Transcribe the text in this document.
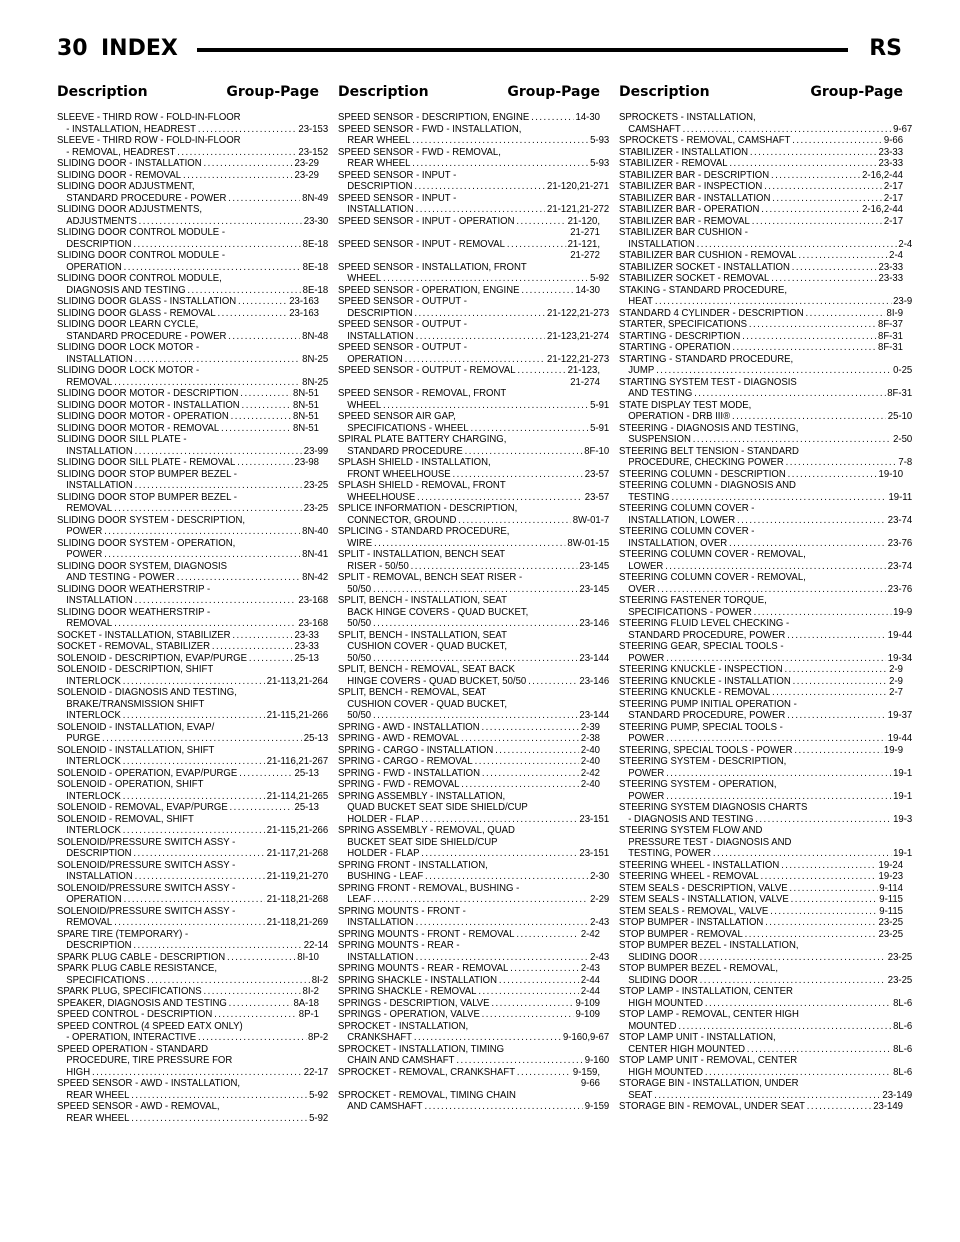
30 INDEX	RS
Description	Group-Page Description	Group-Page Description	Group-Page
SLEEVE - THIRD ROW - FOLD-IN-FLOOR
- INSTALLATION, HEADREST .....	23-153
SLEEVE - THIRD ROW - FOLD-IN-FLOOR
- REMOVAL, HEADREST .....	23-152
SLIDING DOOR - INSTALLATION .....	23-29
SLIDING DOOR - REMOVAL .....	23-29
SLIDING DOOR ADJUSTMENT,
STANDARD PROCEDURE - POWER .....	8N-49
SLIDING DOOR ADJUSTMENTS,
ADJUSTMENTS .....	23-30
SLIDING DOOR CONTROL MODULE -
DESCRIPTION .....	8E-18
SLIDING DOOR CONTROL MODULE -
OPERATION .....	8E-18
SLIDING DOOR CONTROL MODULE,
DIAGNOSIS AND TESTING .....	8E-18
SLIDING DOOR GLASS - INSTALLATION .....	23-163
SLIDING DOOR GLASS - REMOVAL .....	23-163
SLIDING DOOR LEARN CYCLE,
STANDARD PROCEDURE - POWER .....	8N-48
SLIDING DOOR LOCK MOTOR -
INSTALLATION .....	8N-25
SLIDING DOOR LOCK MOTOR -
REMOVAL .....	8N-25
SLIDING DOOR MOTOR - DESCRIPTION .....	8N-51
SLIDING DOOR MOTOR - INSTALLATION .....	8N-51
SLIDING DOOR MOTOR - OPERATION .....	8N-51
SLIDING DOOR MOTOR - REMOVAL .....	8N-51
SLIDING DOOR SILL PLATE -
INSTALLATION .....	23-99
SLIDING DOOR SILL PLATE - REMOVAL .....	23-98
SLIDING DOOR STOP BUMPER BEZEL -
INSTALLATION .....	23-25
SLIDING DOOR STOP BUMPER BEZEL -
REMOVAL .....	23-25
SLIDING DOOR SYSTEM - DESCRIPTION,
POWER .....	8N-40
SLIDING DOOR SYSTEM - OPERATION,
POWER .....	8N-41
SLIDING DOOR SYSTEM, DIAGNOSIS
AND TESTING - POWER .....	8N-42
SLIDING DOOR WEATHERSTRIP -
INSTALLATION .....	23-168
SLIDING DOOR WEATHERSTRIP -
REMOVAL .....	23-168
SOCKET - INSTALLATION, STABILIZER .....	23-33
SOCKET - REMOVAL, STABILIZER .....	23-33
SOLENOID - DESCRIPTION, EVAP/PURGE .....	25-13
SOLENOID - DESCRIPTION, SHIFT
INTERLOCK .....	21-113,21-264
SOLENOID - DIAGNOSIS AND TESTING,
BRAKE/TRANSMISSION SHIFT
INTERLOCK .....	21-115,21-266
SOLENOID - INSTALLATION, EVAP/
PURGE .....	25-13
SOLENOID - INSTALLATION, SHIFT
INTERLOCK .....	21-116,21-267
SOLENOID - OPERATION, EVAP/PURGE .....	25-13
SOLENOID - OPERATION, SHIFT
INTERLOCK .....	21-114,21-265
SOLENOID - REMOVAL, EVAP/PURGE .....	25-13
SOLENOID - REMOVAL, SHIFT
INTERLOCK .....	21-115,21-266
SOLENOID/PRESSURE SWITCH ASSY -
DESCRIPTION .....	21-117,21-268
SOLENOID/PRESSURE SWITCH ASSY -
INSTALLATION .....	21-119,21-270
SOLENOID/PRESSURE SWITCH ASSY -
OPERATION .....	21-118,21-268
SOLENOID/PRESSURE SWITCH ASSY -
REMOVAL .....	21-118,21-269
SPARE TIRE (TEMPORARY) -
DESCRIPTION .....	22-14
SPARK PLUG CABLE - DESCRIPTION .....	8I-10
SPARK PLUG CABLE RESISTANCE,
SPECIFICATIONS .....	8I-2
SPARK PLUG, SPECIFICATIONS .....	8I-2
SPEAKER, DIAGNOSIS AND TESTING .....	8A-18
SPEED CONTROL - DESCRIPTION .....	8P-1
SPEED CONTROL (4 SPEED EATX ONLY)
- OPERATION, INTERACTIVE .....	8P-2
SPEED OPERATION - STANDARD
PROCEDURE, TIRE PRESSURE FOR
HIGH .....	22-17
SPEED SENSOR - AWD - INSTALLATION,
REAR WHEEL .....	5-92
SPEED SENSOR - AWD - REMOVAL,
REAR WHEEL .....	5-92
SPEED SENSOR - DESCRIPTION, ENGINE .....	14-30
SPEED SENSOR - FWD - INSTALLATION,
REAR WHEEL .....	5-93
SPEED SENSOR - FWD - REMOVAL,
REAR WHEEL .....	5-93
SPEED SENSOR - INPUT -
DESCRIPTION .....	21-120,21-271
SPEED SENSOR - INPUT -
INSTALLATION .....	21-121,21-272
SPEED SENSOR - INPUT - OPERATION .....	21-120,
21-271
SPEED SENSOR - INPUT - REMOVAL .....	21-121,
21-272
SPEED SENSOR - INSTALLATION, FRONT
WHEEL .....	5-92
SPEED SENSOR - OPERATION, ENGINE .....	14-30
SPEED SENSOR - OUTPUT -
DESCRIPTION .....	21-122,21-273
SPEED SENSOR - OUTPUT -
INSTALLATION .....	21-123,21-274
SPEED SENSOR - OUTPUT -
OPERATION .....	21-122,21-273
SPEED SENSOR - OUTPUT - REMOVAL .....	21-123,
21-274
SPEED SENSOR - REMOVAL, FRONT
WHEEL .....	5-91
SPEED SENSOR AIR GAP,
SPECIFICATIONS - WHEEL .....	5-91
SPIRAL PLATE BATTERY CHARGING,
STANDARD PROCEDURE .....	8F-10
SPLASH SHIELD - INSTALLATION,
FRONT WHEELHOUSE .....	23-57
SPLASH SHIELD - REMOVAL, FRONT
WHEELHOUSE .....	23-57
SPLICE INFORMATION - DESCRIPTION,
CONNECTOR, GROUND .....	8W-01-7
SPLICING - STANDARD PROCEDURE,
WIRE .....	8W-01-15
SPLIT - INSTALLATION, BENCH SEAT
RISER - 50/50 .....	23-145
SPLIT - REMOVAL, BENCH SEAT RISER -
50/50 .....	23-145
SPLIT, BENCH - INSTALLATION, SEAT
BACK HINGE COVERS - QUAD BUCKET,
50/50 .....	23-146
SPLIT, BENCH - INSTALLATION, SEAT
CUSHION COVER - QUAD BUCKET,
50/50 .....	23-144
SPLIT, BENCH - REMOVAL, SEAT BACK
HINGE COVERS - QUAD BUCKET, 50/50 .....	23-146
SPLIT, BENCH - REMOVAL, SEAT
CUSHION COVER - QUAD BUCKET,
50/50 .....	23-144
SPRING - AWD - INSTALLATION .....	2-39
SPRING - AWD - REMOVAL .....	2-38
SPRING - CARGO - INSTALLATION .....	2-40
SPRING - CARGO - REMOVAL .....	2-40
SPRING - FWD - INSTALLATION .....	2-42
SPRING - FWD - REMOVAL .....	2-40
SPRING ASSEMBLY - INSTALLATION,
QUAD BUCKET SEAT SIDE SHIELD/CUP
HOLDER - FLAP .....	23-151
SPRING ASSEMBLY - REMOVAL, QUAD
BUCKET SEAT SIDE SHIELD/CUP
HOLDER - FLAP .....	23-151
SPRING FRONT - INSTALLATION,
BUSHING - LEAF .....	2-30
SPRING FRONT - REMOVAL, BUSHING -
LEAF .....	2-29
SPRING MOUNTS - FRONT -
INSTALLATION .....	2-43
SPRING MOUNTS - FRONT - REMOVAL .....	2-42
SPRING MOUNTS - REAR -
INSTALLATION .....	2-43
SPRING MOUNTS - REAR - REMOVAL .....	2-43
SPRING SHACKLE - INSTALLATION .....	2-44
SPRING SHACKLE - REMOVAL .....	2-44
SPRINGS - DESCRIPTION, VALVE .....	9-109
SPRINGS - OPERATION, VALVE .....	9-109
SPROCKET - INSTALLATION,
CRANKSHAFT .....	9-160,9-67
SPROCKET - INSTALLATION, TIMING
CHAIN AND CAMSHAFT .....	9-160
SPROCKET - REMOVAL, CRANKSHAFT .....	9-159,
9-66
SPROCKET - REMOVAL, TIMING CHAIN
AND CAMSHAFT .....	9-159
SPROCKETS - INSTALLATION,
CAMSHAFT .....	9-67
SPROCKETS - REMOVAL, CAMSHAFT .....	9-66
STABILIZER - INSTALLATION .....	23-33
STABILIZER - REMOVAL .....	23-33
STABILIZER BAR - DESCRIPTION .....	2-16,2-44
STABILIZER BAR - INSPECTION .....	2-17
STABILIZER BAR - INSTALLATION .....	2-17
STABILIZER BAR - OPERATION .....	2-16,2-44
STABILIZER BAR - REMOVAL .....	2-17
STABILIZER BAR CUSHION -
INSTALLATION .....	2-4
STABILIZER BAR CUSHION - REMOVAL .....	2-4
STABILIZER SOCKET - INSTALLATION .....	23-33
STABILIZER SOCKET - REMOVAL .....	23-33
STAKING - STANDARD PROCEDURE,
HEAT .....	23-9
STANDARD 4 CYLINDER - DESCRIPTION .....	8I-9
STARTER, SPECIFICATIONS .....	8F-37
STARTING - DESCRIPTION .....	8F-31
STARTING - OPERATION .....	8F-31
STARTING - STANDARD PROCEDURE,
JUMP .....	0-25
STARTING SYSTEM TEST - DIAGNOSIS
AND TESTING .....	8F-31
STATE DISPLAY TEST MODE,
OPERATION - DRB III® .....	25-10
STEERING - DIAGNOSIS AND TESTING,
SUSPENSION .....	2-50
STEERING BELT TENSION - STANDARD
PROCEDURE, CHECKING POWER .....	7-8
STEERING COLUMN - DESCRIPTION .....	19-10
STEERING COLUMN - DIAGNOSIS AND
TESTING .....	19-11
STEERING COLUMN COVER -
INSTALLATION, LOWER .....	23-74
STEERING COLUMN COVER -
INSTALLATION, OVER .....	23-76
STEERING COLUMN COVER - REMOVAL,
LOWER .....	23-74
STEERING COLUMN COVER - REMOVAL,
OVER .....	23-76
STEERING FASTENER TORQUE,
SPECIFICATIONS - POWER .....	19-9
STEERING FLUID LEVEL CHECKING -
STANDARD PROCEDURE, POWER .....	19-44
STEERING GEAR, SPECIAL TOOLS -
POWER .....	19-34
STEERING KNUCKLE - INSPECTION .....	2-9
STEERING KNUCKLE - INSTALLATION .....	2-9
STEERING KNUCKLE - REMOVAL .....	2-7
STEERING PUMP INITIAL OPERATION -
STANDARD PROCEDURE, POWER .....	19-37
STEERING PUMP, SPECIAL TOOLS -
POWER .....	19-44
STEERING, SPECIAL TOOLS - POWER .....	19-9
STEERING SYSTEM - DESCRIPTION,
POWER .....	19-1
STEERING SYSTEM - OPERATION,
POWER .....	19-1
STEERING SYSTEM DIAGNOSIS CHARTS
- DIAGNOSIS AND TESTING .....	19-3
STEERING SYSTEM FLOW AND
PRESSURE TEST - DIAGNOSIS AND
TESTING, POWER .....	19-1
STEERING WHEEL - INSTALLATION .....	19-24
STEERING WHEEL - REMOVAL .....	19-23
STEM SEALS - DESCRIPTION, VALVE .....	9-114
STEM SEALS - INSTALLATION, VALVE .....	9-115
STEM SEALS - REMOVAL, VALVE .....	9-115
STOP BUMPER - INSTALLATION .....	23-25
STOP BUMPER - REMOVAL .....	23-25
STOP BUMPER BEZEL - INSTALLATION,
SLIDING DOOR .....	23-25
STOP BUMPER BEZEL - REMOVAL,
SLIDING DOOR .....	23-25
STOP LAMP - INSTALLATION, CENTER
HIGH MOUNTED .....	8L-6
STOP LAMP - REMOVAL, CENTER HIGH
MOUNTED .....	8L-6
STOP LAMP UNIT - INSTALLATION,
CENTER HIGH MOUNTED .....	8L-6
STOP LAMP UNIT - REMOVAL, CENTER
HIGH MOUNTED .....	8L-6
STORAGE BIN - INSTALLATION, UNDER
SEAT .....	23-149
STORAGE BIN - REMOVAL, UNDER SEAT .....	23-149
